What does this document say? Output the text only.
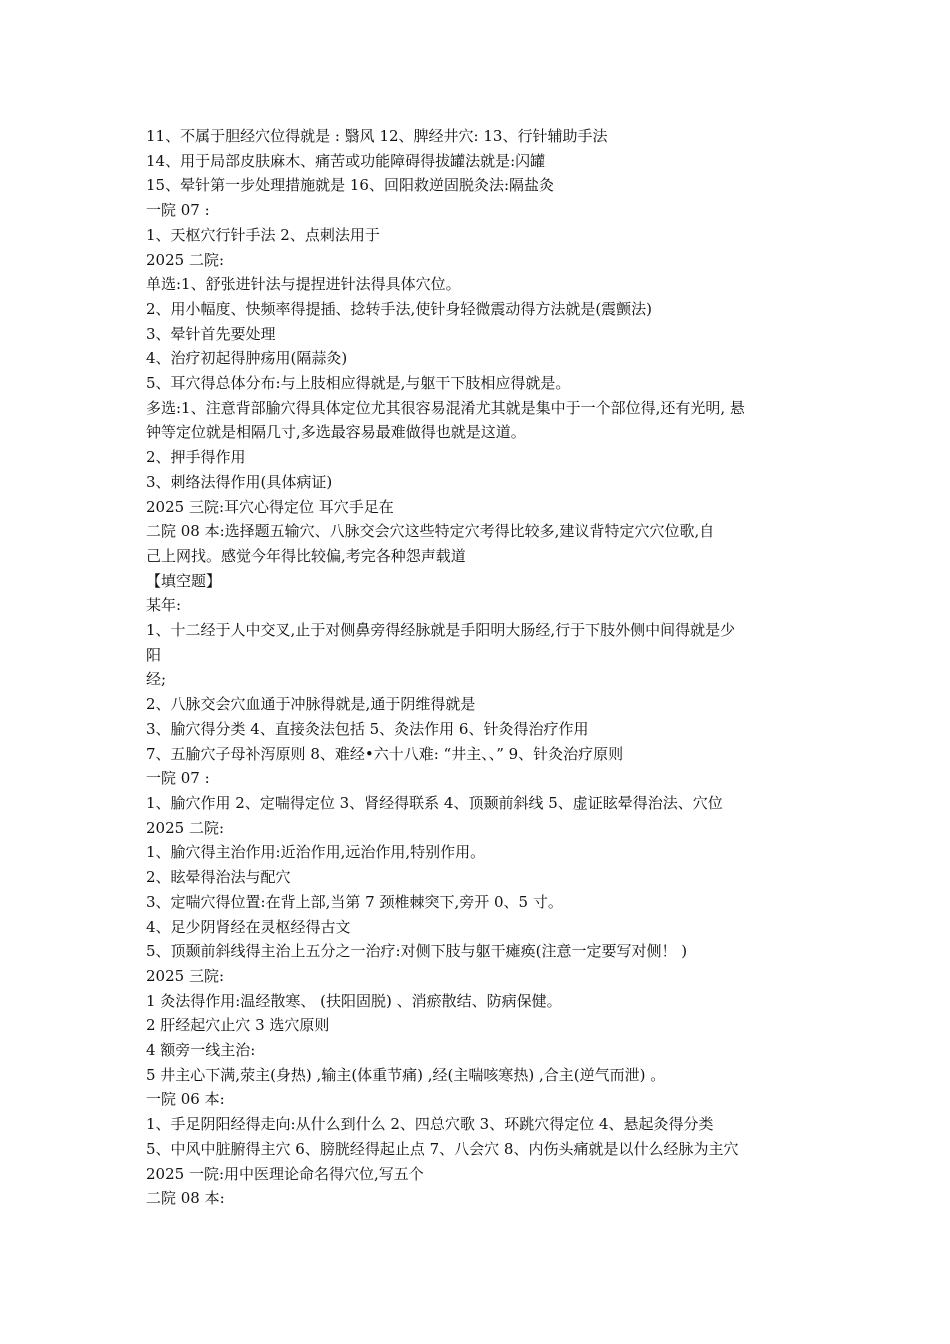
11、不属于胆经穴位得就是 : 翳风 12、脾经井穴: 13、行针辅助手法
14、用于局部皮肤麻木、痛苦或功能障碍得拔罐法就是:闪罐
15、晕针第一步处理措施就是 16、回阳救逆固脱灸法:隔盐灸
一院 07 :
1、天枢穴行针手法 2、点刺法用于
2025 二院:
单选:1、舒张进针法与提捏进针法得具体穴位。
2、用小幅度、快频率得提插、捻转手法,使针身轻微震动得方法就是(震颤法)
3、晕针首先要处理
4、治疗初起得肿疡用(隔蒜灸)
5、耳穴得总体分布:与上肢相应得就是,与躯干下肢相应得就是。
多选:1、注意背部腧穴得具体定位尤其很容易混淆尤其就是集中于一个部位得,还有光明, 悬
钟等定位就是相隔几寸,多选最容易最难做得也就是这道。
2、押手得作用
3、刺络法得作用(具体病证)
2025 三院:耳穴心得定位 耳穴手足在
二院 08 本:选择题五输穴、八脉交会穴这些特定穴考得比较多,建议背特定穴穴位歌,自
己上网找。感觉今年得比较偏,考完各种怨声载道
【填空题】
某年:
1、十二经于人中交叉,止于对侧鼻旁得经脉就是手阳明大肠经,行于下肢外侧中间得就是少
阳
经;
2、八脉交会穴血通于冲脉得就是,通于阴维得就是
3、腧穴得分类 4、直接灸法包括 5、灸法作用 6、针灸得治疗作用
7、五腧穴子母补泻原则 8、难经•六十八难: “井主、、” 9、针灸治疗原则
一院 07 :
1、腧穴作用 2、定喘得定位 3、肾经得联系 4、顶颞前斜线 5、虚证眩晕得治法、穴位
2025 二院:
1、腧穴得主治作用:近治作用,远治作用,特别作用。
2、眩晕得治法与配穴
3、定喘穴得位置:在背上部,当第 7 颈椎棘突下,旁开 0、5 寸。
4、足少阴肾经在灵枢经得古文
5、顶颞前斜线得主治上五分之一治疗:对侧下肢与躯干瘫痪(注意一定要写对侧！ )
2025 三院:
1 灸法得作用:温经散寒、 (扶阳固脱) 、消瘀散结、防病保健。
2 肝经起穴止穴 3 选穴原则
4 额旁一线主治:
5 井主心下满,荥主(身热) ,输主(体重节痛) ,经(主喘咳寒热) ,合主(逆气而泄) 。
一院 06 本:
1、手足阴阳经得走向:从什么到什么 2、四总穴歌 3、环跳穴得定位 4、悬起灸得分类
5、中风中脏腑得主穴 6、膀胱经得起止点 7、八会穴 8、内伤头痛就是以什么经脉为主穴
2025 一院:用中医理论命名得穴位,写五个
二院 08 本:
